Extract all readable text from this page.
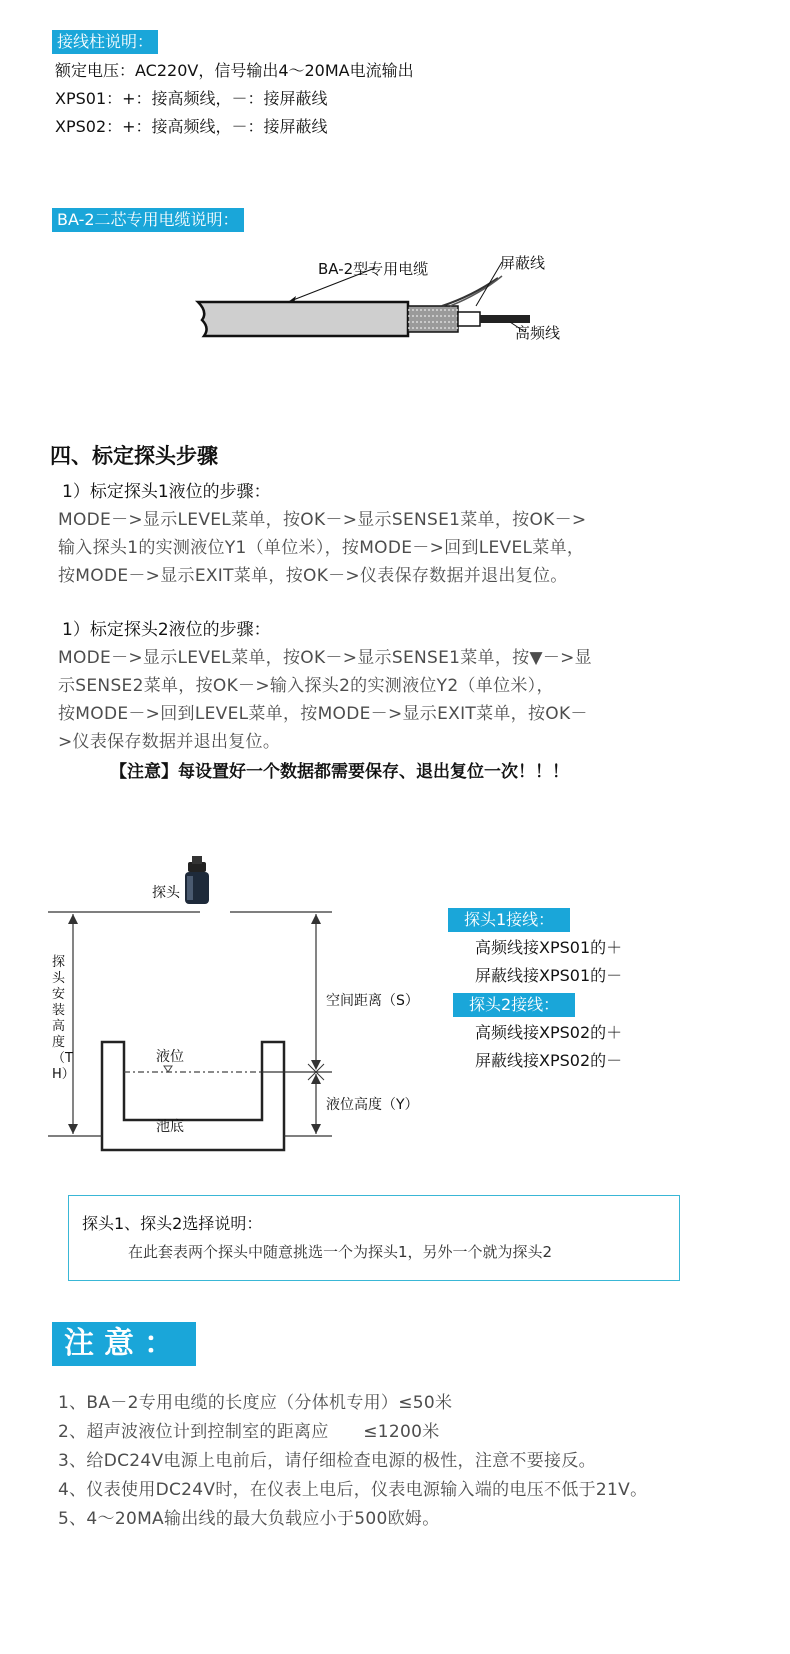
接线柱说明：
额定电压：AC220V，信号输出4～20MA电流输出
XPS01：+：接高频线，－：接屏蔽线
XPS02：+：接高频线，－：接屏蔽线
BA-2二芯专用电缆说明：
BA-2型专用电缆	屏蔽线
高频线
四、标定探头步骤
1）标定探头1液位的步骤：
MODE－>显示LEVEL菜单，按OK－>显示SENSE1菜单，按OK－>
输入探头1的实测液位Y1（单位米），按MODE－>回到LEVEL菜单，
按MODE－>显示EXIT菜单，按OK－>仪表保存数据并退出复位。
1）标定探头2液位的步骤：
MODE－>显示LEVEL菜单，按OK－>显示SENSE1菜单，按▼－>显
示SENSE2菜单，按OK－>输入探头2的实测液位Y2（单位米），
按MODE－>回到LEVEL菜单，按MODE－>显示EXIT菜单，按OK－
>仪表保存数据并退出复位。
【注意】每设置好一个数据都需要保存、退出复位一次！！！
探头
探头安装高度（TH）
空间距离（S）
液位
液位高度（Y）
池底
探头1接线：
高频线接XPS01的＋
屏蔽线接XPS01的－
探头2接线：
高频线接XPS02的＋
屏蔽线接XPS02的－
探头1、探头2选择说明：
在此套表两个探头中随意挑选一个为探头1，另外一个就为探头2
注意：
1、BA－2专用电缆的长度应（分体机专用）≤50米
2、超声波液位计到控制室的距离应　　≤1200米
3、给DC24V电源上电前后，请仔细检查电源的极性，注意不要接反。
4、仪表使用DC24V时，在仪表上电后，仪表电源输入端的电压不低于21V。
5、4～20MA输出线的最大负载应小于500欧姆。
